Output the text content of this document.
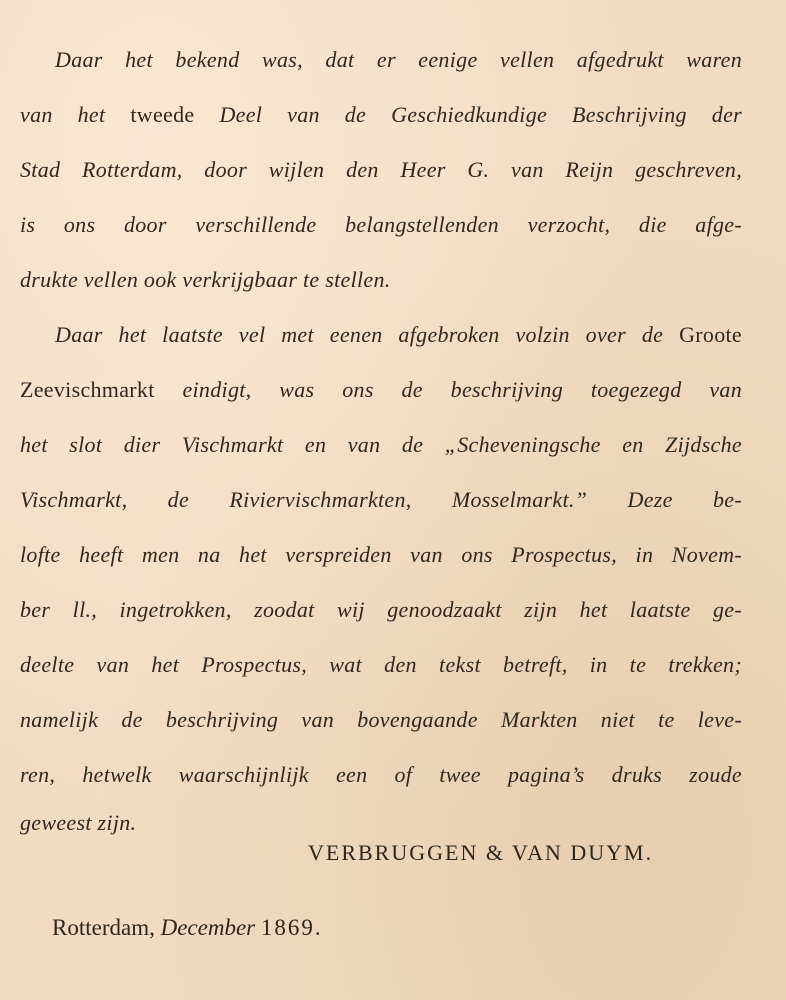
Daar het bekend was, dat er eenige vellen afgedrukt waren
van het tweede Deel van de Geschiedkundige Beschrijving der
Stad Rotterdam, door wijlen den Heer G. van Reijn geschreven,
is ons door verschillende belangstellenden verzocht, die afge-
drukte vellen ook verkrijgbaar te stellen.
Daar het laatste vel met eenen afgebroken volzin over de Groote
Zeevischmarkt eindigt, was ons de beschrijving toegezegd van
het slot dier Vischmarkt en van de „Scheveningsche en Zijdsche
Vischmarkt, de Riviervischmarkten, Mosselmarkt.” Deze be-
lofte heeft men na het verspreiden van ons Prospectus, in Novem-
ber ll., ingetrokken, zoodat wij genoodzaakt zijn het laatste ge-
deelte van het Prospectus, wat den tekst betreft, in te trekken;
namelijk de beschrijving van bovengaande Markten niet te leve-
ren, hetwelk waarschijnlijk een of twee pagina’s druks zoude
geweest zijn.
VERBRUGGEN & VAN DUYM.
Rotterdam, December 1869.
